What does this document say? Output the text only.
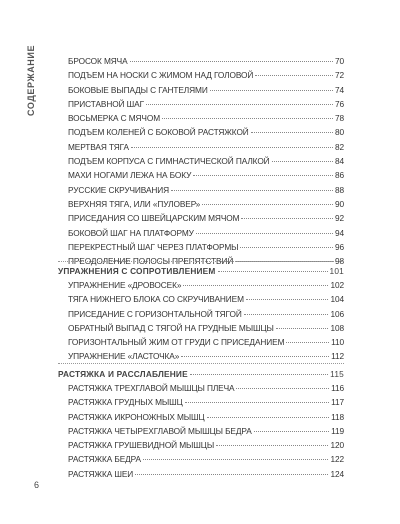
СОДЕРЖАНИЕ	БРОСОК МЯЧА	70
ПОДЪЕМ НА НОСКИ С ЖИМОМ НАД ГОЛОВОЙ	72
БОКОВЫЕ ВЫПАДЫ С ГАНТЕЛЯМИ	74
ПРИСТАВНОЙ ШАГ	76
ВОСЬМЕРКА С МЯЧОМ	78
ПОДЪЕМ КОЛЕНЕЙ С БОКОВОЙ РАСТЯЖКОЙ	80
МЕРТВАЯ ТЯГА	82
ПОДЪЕМ КОРПУСА С ГИМНАСТИЧЕСКОЙ ПАЛКОЙ	84
МАХИ НОГАМИ ЛЕЖА НА БОКУ	86
РУССКИЕ СКРУЧИВАНИЯ	88
ВЕРХНЯЯ ТЯГА, ИЛИ «ПУЛОВЕР»	90
ПРИСЕДАНИЯ СО ШВЕЙЦАРСКИМ МЯЧОМ	92
БОКОВОЙ ШАГ НА ПЛАТФОРМУ	94
ПЕРЕКРЕСТНЫЙ ШАГ ЧЕРЕЗ ПЛАТФОРМЫ	96
ПРЕОДОЛЕНИЕ ПОЛОСЫ ПРЕПЯТСТВИЙ	98
УПРАЖНЕНИЯ С СОПРОТИВЛЕНИЕМ	101
УПРАЖНЕНИЕ «ДРОВОСЕК»	102
ТЯГА НИЖНЕГО БЛОКА СО СКРУЧИВАНИЕМ	104
ПРИСЕДАНИЕ С ГОРИЗОНТАЛЬНОЙ ТЯГОЙ	106
ОБРАТНЫЙ ВЫПАД С ТЯГОЙ НА ГРУДНЫЕ МЫШЦЫ	108
ГОРИЗОНТАЛЬНЫЙ ЖИМ ОТ ГРУДИ С ПРИСЕДАНИЕМ	110
УПРАЖНЕНИЕ «ЛАСТОЧКА»	112
РАСТЯЖКА И РАССЛАБЛЕНИЕ	115
РАСТЯЖКА ТРЕХГЛАВОЙ МЫШЦЫ ПЛЕЧА	116
РАСТЯЖКА ГРУДНЫХ МЫШЦ	117
РАСТЯЖКА ИКРОНОЖНЫХ МЫШЦ	118
РАСТЯЖКА ЧЕТЫРЕХГЛАВОЙ МЫШЦЫ БЕДРА	119
РАСТЯЖКА ГРУШЕВИДНОЙ МЫШЦЫ	120
РАСТЯЖКА БЕДРА	122
РАСТЯЖКА ШЕИ	124
6
